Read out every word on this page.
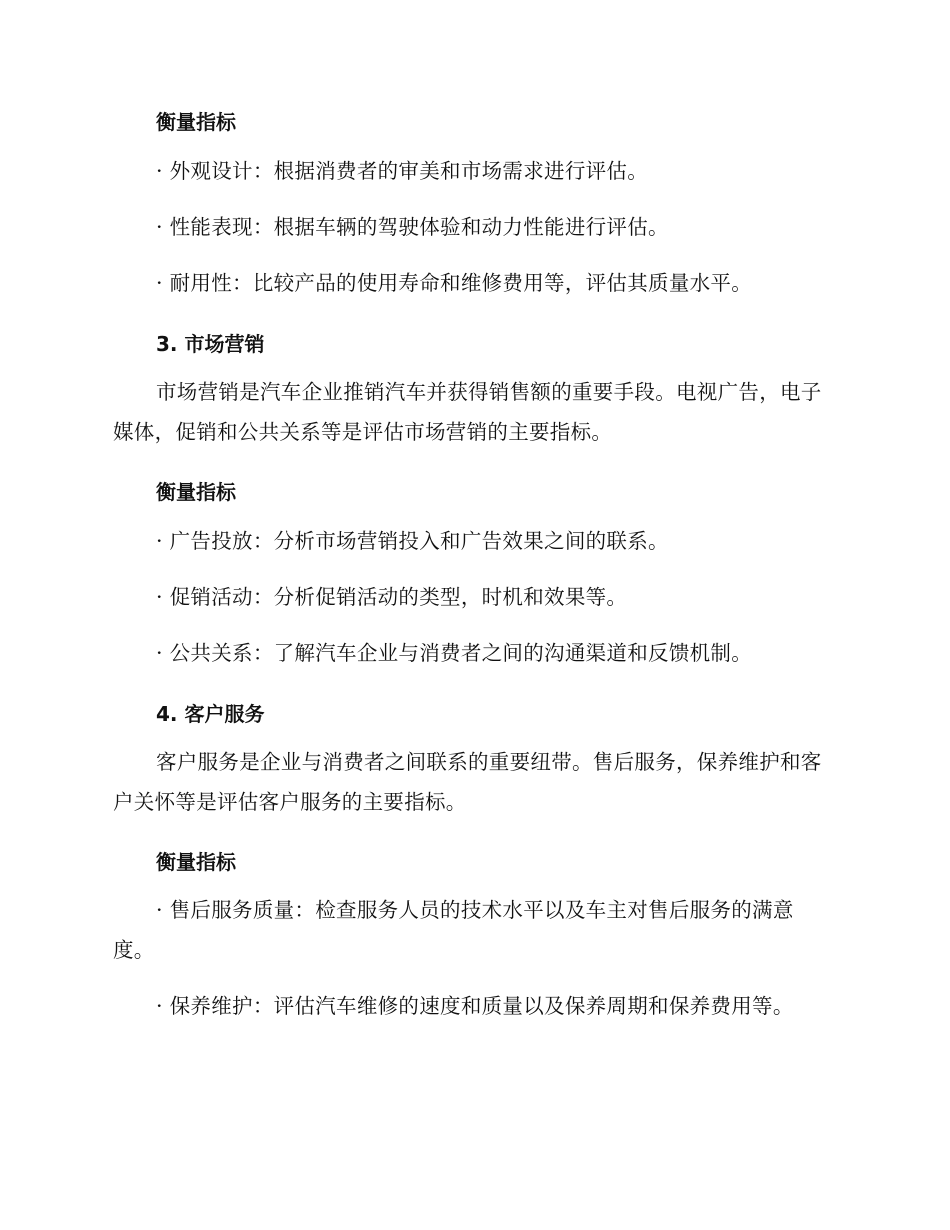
衡量指标

· 外观设计：根据消费者的审美和市场需求进行评估。

· 性能表现：根据车辆的驾驶体验和动力性能进行评估。

· 耐用性：比较产品的使用寿命和维修费用等，评估其质量水平。

3. 市场营销

市场营销是汽车企业推销汽车并获得销售额的重要手段。电视广告，电子媒体，促销和公共关系等是评估市场营销的主要指标。

衡量指标

· 广告投放：分析市场营销投入和广告效果之间的联系。

· 促销活动：分析促销活动的类型，时机和效果等。

· 公共关系：了解汽车企业与消费者之间的沟通渠道和反馈机制。

4. 客户服务

客户服务是企业与消费者之间联系的重要纽带。售后服务，保养维护和客户关怀等是评估客户服务的主要指标。

衡量指标

· 售后服务质量：检查服务人员的技术水平以及车主对售后服务的满意度。

· 保养维护：评估汽车维修的速度和质量以及保养周期和保养费用等。
